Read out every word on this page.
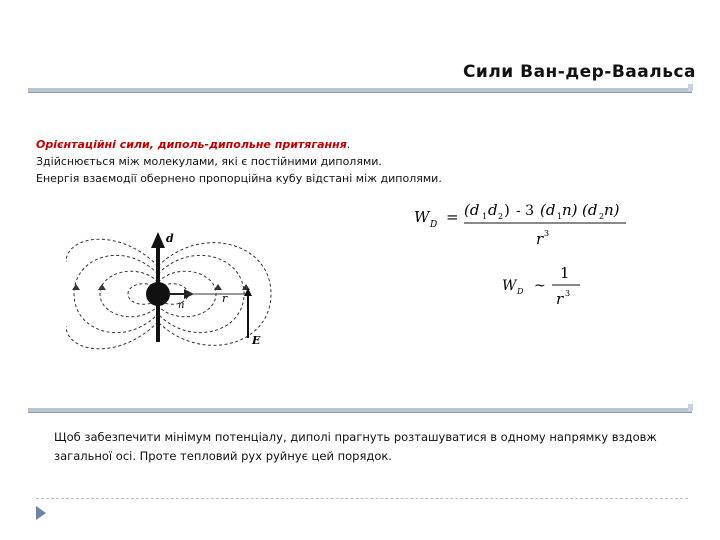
Сили Ван-дер-Ваальса
Орієнтаційні сили, диполь-дипольне притягання.
Здійснюється між молекулами, які є постійними диполями.
Енергія взаємодії обернено пропорційна кубу відстані між диполями.
W D = (d 1 d 2 ) - 3 (d 1 n) (d 2 n)
r 3
W D ~
1
r 3
d
n
r
E
Щоб забезпечити мінімум потенціалу, диполі прагнуть розташуватися в одному напрямку вздовж загальної осі. Проте тепловий рух руйнує цей порядок.
